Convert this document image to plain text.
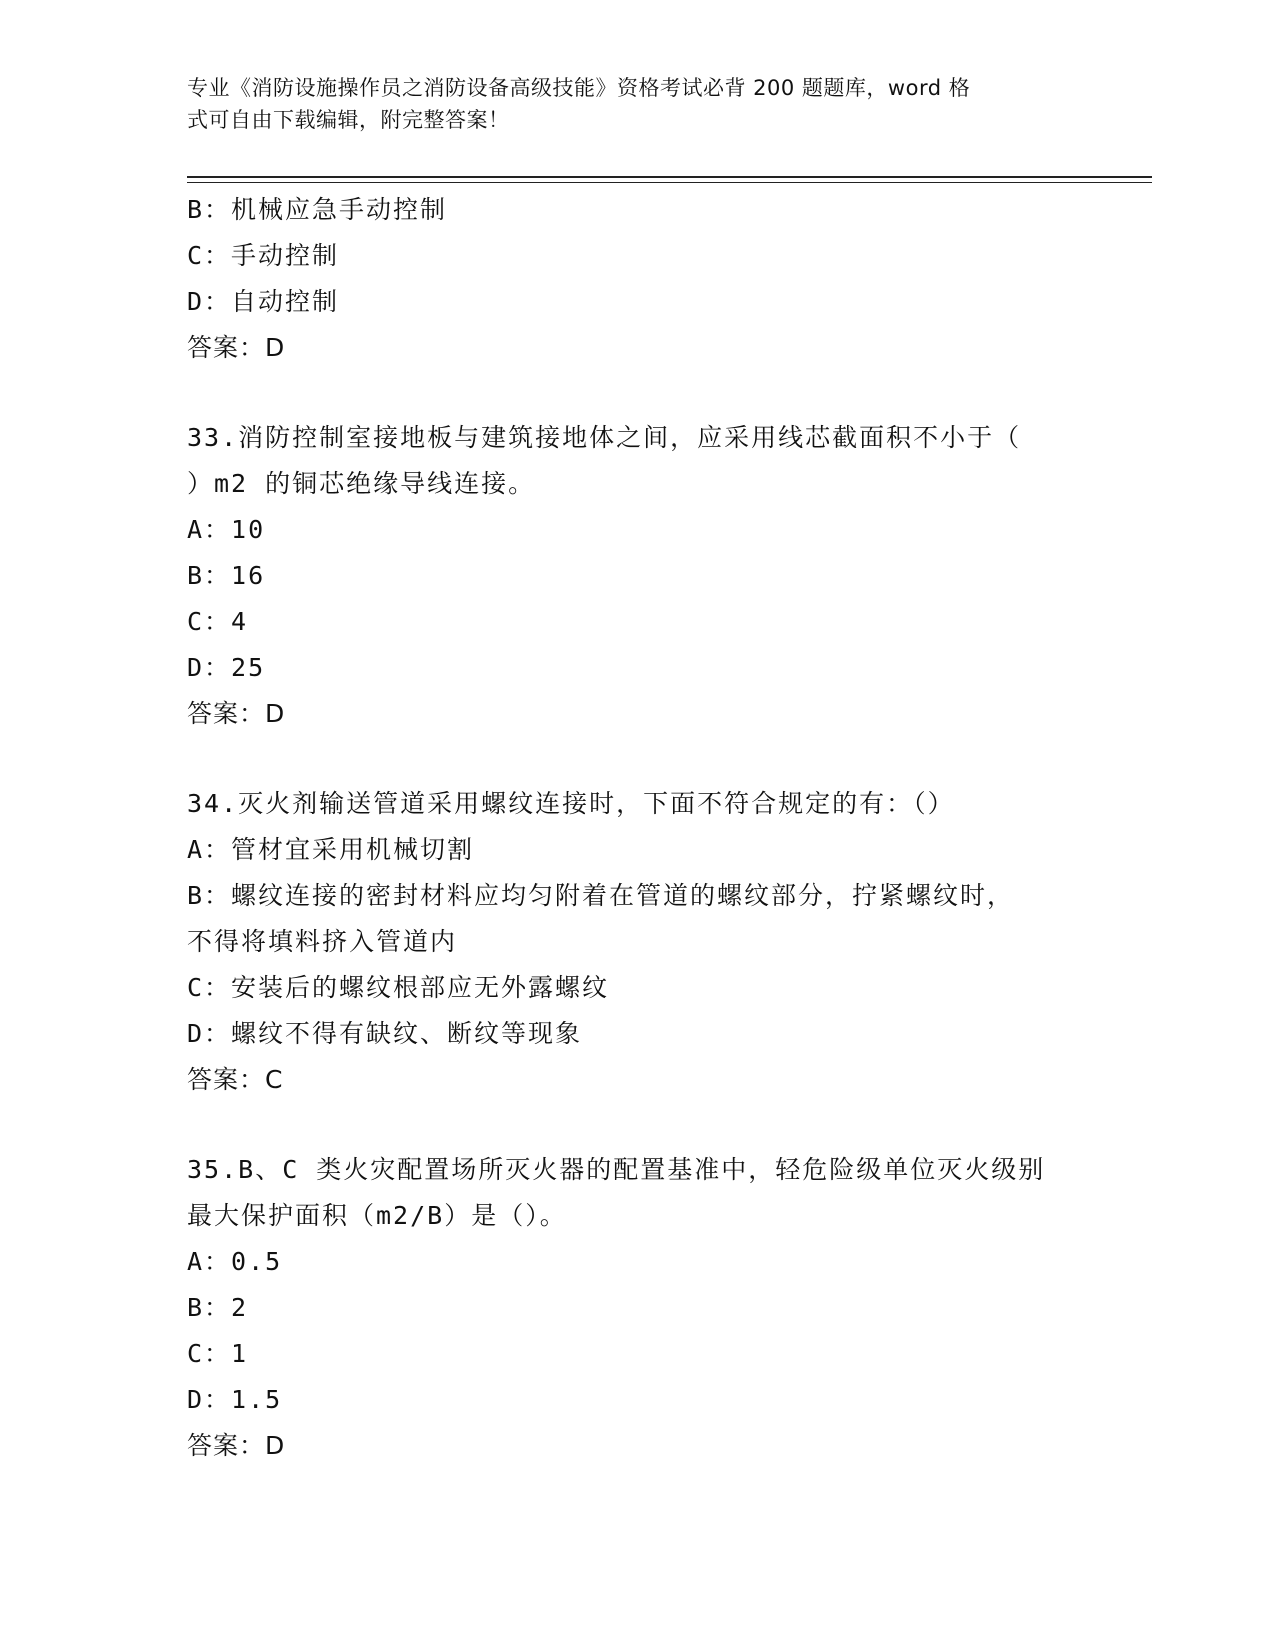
专业《消防设施操作员之消防设备高级技能》资格考试必背 200 题题库，word 格
式可自由下载编辑，附完整答案！
B：机械应急手动控制
C：手动控制
D：自动控制
答案：D
33.消防控制室接地板与建筑接地体之间，应采用线芯截面积不小于（
）m2 的铜芯绝缘导线连接。
A：10
B：16
C：4
D：25
答案：D
34.灭火剂输送管道采用螺纹连接时，下面不符合规定的有：（）
A：管材宜采用机械切割
B：螺纹连接的密封材料应均匀附着在管道的螺纹部分，拧紧螺纹时，
不得将填料挤入管道内
C：安装后的螺纹根部应无外露螺纹
D：螺纹不得有缺纹、断纹等现象
答案：C
35.B、C 类火灾配置场所灭火器的配置基准中，轻危险级单位灭火级别
最大保护面积（m2/B）是（）。
A：0.5
B：2
C：1
D：1.5
答案：D
